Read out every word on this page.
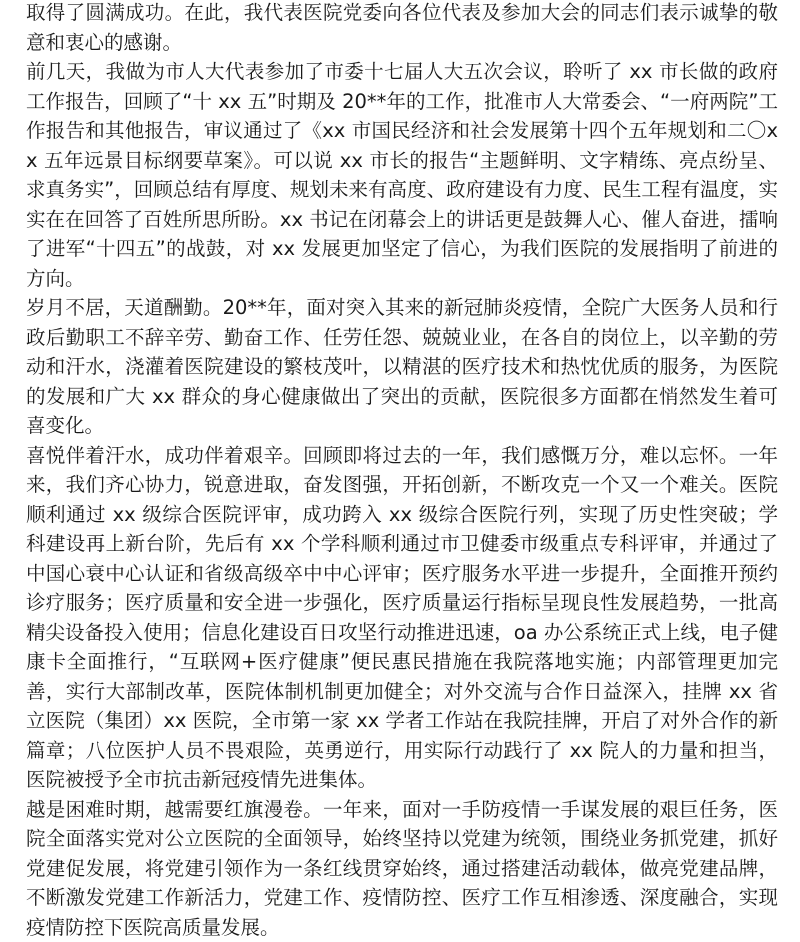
取得了圆满成功。在此，我代表医院党委向各位代表及参加大会的同志们表示诚挚的敬意和衷心的感谢。

前几天，我做为市人大代表参加了市委十七届人大五次会议，聆听了 xx 市长做的政府工作报告，回顾了“十 xx 五”时期及 20**年的工作，批准市人大常委会、“一府两院”工作报告和其他报告，审议通过了《xx 市国民经济和社会发展第十四个五年规划和二〇xx 五年远景目标纲要草案》。可以说 xx 市长的报告“主题鲜明、文字精练、亮点纷呈、求真务实”，回顾总结有厚度、规划未来有高度、政府建设有力度、民生工程有温度，实实在在回答了百姓所思所盼。xx 书记在闭幕会上的讲话更是鼓舞人心、催人奋进，擂响了进军“十四五”的战鼓，对 xx 发展更加坚定了信心，为我们医院的发展指明了前进的方向。

岁月不居，天道酬勤。20**年，面对突入其来的新冠肺炎疫情，全院广大医务人员和行政后勤职工不辞辛劳、勤奋工作、任劳任怨、兢兢业业，在各自的岗位上，以辛勤的劳动和汗水，浇灌着医院建设的繁枝茂叶，以精湛的医疗技术和热忱优质的服务，为医院的发展和广大 xx 群众的身心健康做出了突出的贡献，医院很多方面都在悄然发生着可喜变化。

喜悦伴着汗水，成功伴着艰辛。回顾即将过去的一年，我们感慨万分，难以忘怀。一年来，我们齐心协力，锐意进取，奋发图强，开拓创新，不断攻克一个又一个难关。医院顺利通过 xx 级综合医院评审，成功跨入 xx 级综合医院行列，实现了历史性突破；学科建设再上新台阶，先后有 xx 个学科顺利通过市卫健委市级重点专科评审，并通过了中国心衰中心认证和省级高级卒中中心评审；医疗服务水平进一步提升，全面推开预约诊疗服务；医疗质量和安全进一步强化，医疗质量运行指标呈现良性发展趋势，一批高精尖设备投入使用；信息化建设百日攻坚行动推进迅速，oa 办公系统正式上线，电子健康卡全面推行，“互联网+医疗健康”便民惠民措施在我院落地实施；内部管理更加完善，实行大部制改革，医院体制机制更加健全；对外交流与合作日益深入，挂牌 xx 省立医院（集团）xx 医院，全市第一家 xx 学者工作站在我院挂牌，开启了对外合作的新篇章；八位医护人员不畏艰险，英勇逆行，用实际行动践行了 xx 院人的力量和担当，医院被授予全市抗击新冠疫情先进集体。

越是困难时期，越需要红旗漫卷。一年来，面对一手防疫情一手谋发展的艰巨任务，医院全面落实党对公立医院的全面领导，始终坚持以党建为统领，围绕业务抓党建，抓好党建促发展，将党建引领作为一条红线贯穿始终，通过搭建活动载体，做亮党建品牌，不断激发党建工作新活力，党建工作、疫情防控、医疗工作互相渗透、深度融合，实现疫情防控下医院高质量发展。
